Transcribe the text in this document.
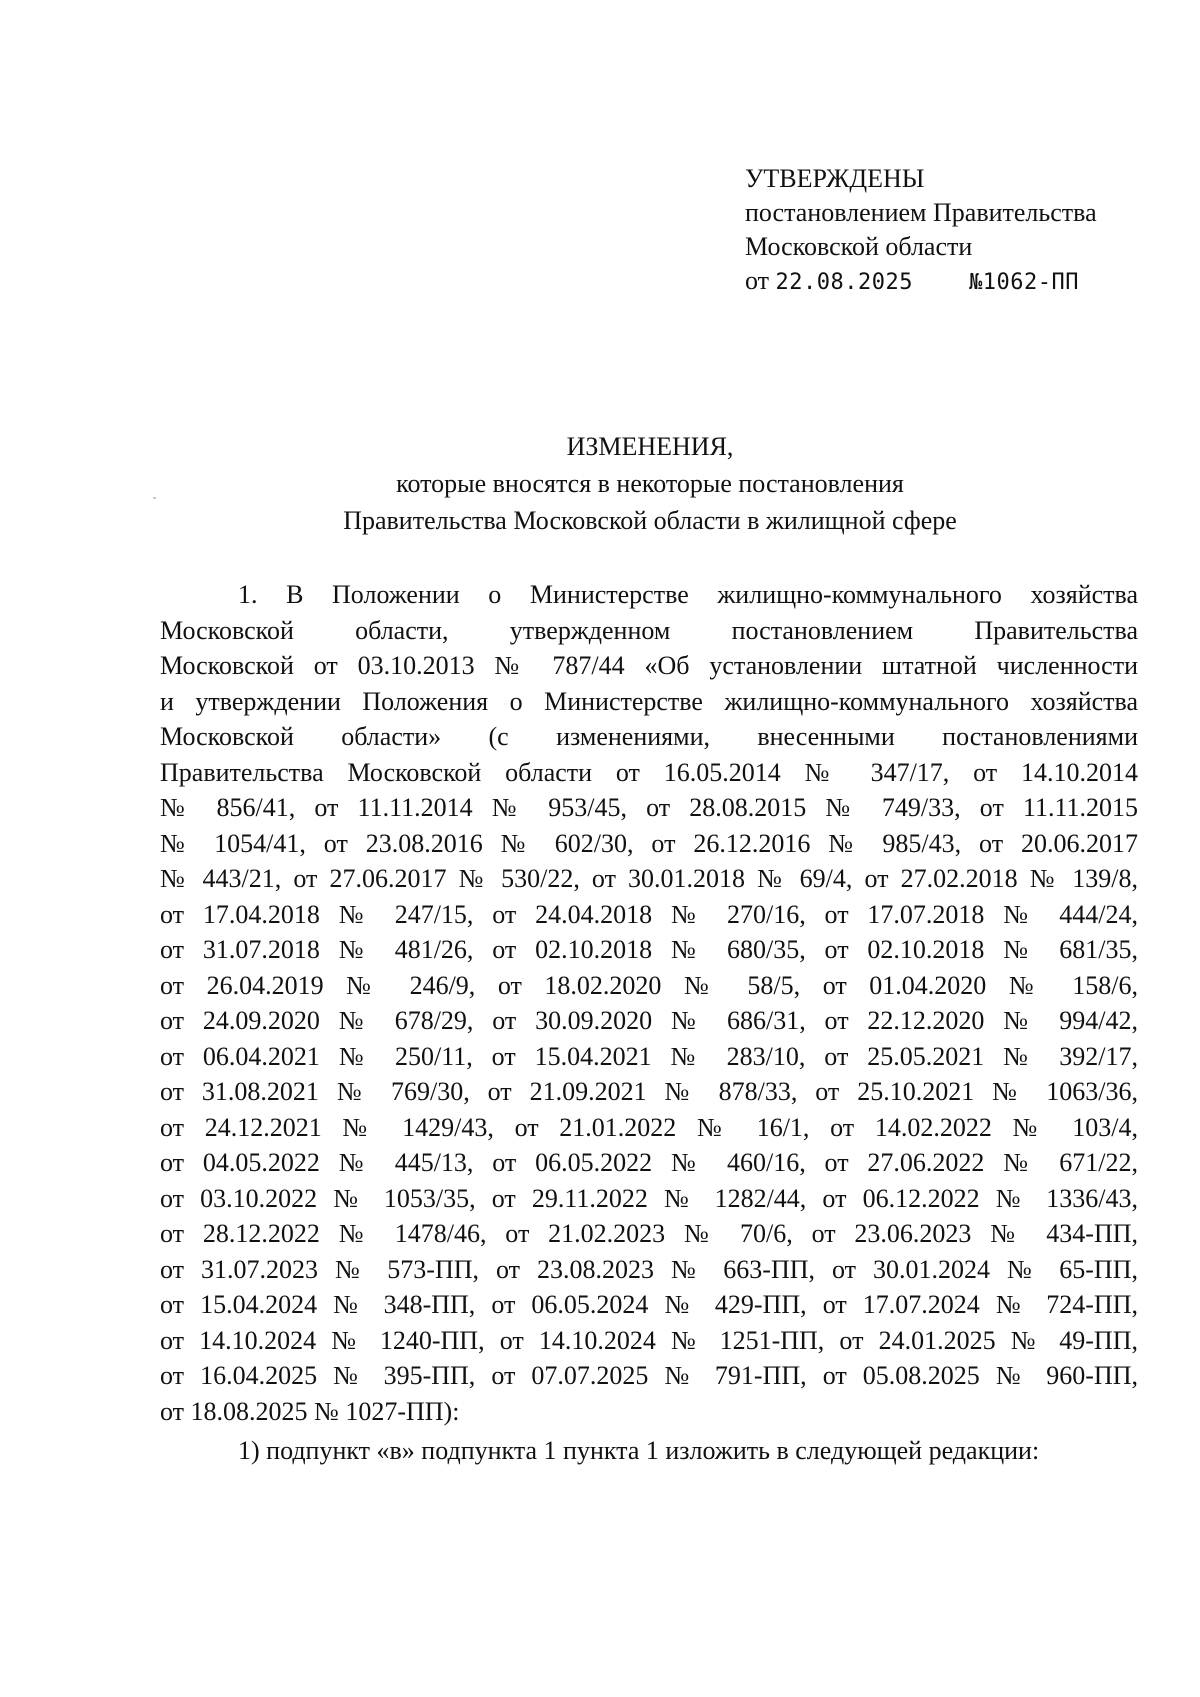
УТВЕРЖДЕНЫ
постановлением Правительства
Московской области
от 22.08.2025	№1062-ПП
ИЗМЕНЕНИЯ,
которые вносятся в некоторые постановления
Правительства Московской области в жилищной сфере
1. В Положении о Министерстве жилищно-коммунального хозяйства
Московской области, утвержденном постановлением Правительства
Московской от 03.10.2013 № 787/44 «Об установлении штатной численности
и утверждении Положения о Министерстве жилищно-коммунального хозяйства
Московской области» (с изменениями, внесенными постановлениями
Правительства Московской области от 16.05.2014 № 347/17, от 14.10.2014
№ 856/41, от 11.11.2014 № 953/45, от 28.08.2015 № 749/33, от 11.11.2015
№ 1054/41, от 23.08.2016 № 602/30, от 26.12.2016 № 985/43, от 20.06.2017
№ 443/21, от 27.06.2017 № 530/22, от 30.01.2018 № 69/4, от 27.02.2018 № 139/8,
от 17.04.2018 № 247/15, от 24.04.2018 № 270/16, от 17.07.2018 № 444/24,
от 31.07.2018 № 481/26, от 02.10.2018 № 680/35, от 02.10.2018 № 681/35,
от 26.04.2019 № 246/9, от 18.02.2020 № 58/5, от 01.04.2020 № 158/6,
от 24.09.2020 № 678/29, от 30.09.2020 № 686/31, от 22.12.2020 № 994/42,
от 06.04.2021 № 250/11, от 15.04.2021 № 283/10, от 25.05.2021 № 392/17,
от 31.08.2021 № 769/30, от 21.09.2021 № 878/33, от 25.10.2021 № 1063/36,
от 24.12.2021 № 1429/43, от 21.01.2022 № 16/1, от 14.02.2022 № 103/4,
от 04.05.2022 № 445/13, от 06.05.2022 № 460/16, от 27.06.2022 № 671/22,
от 03.10.2022 № 1053/35, от 29.11.2022 № 1282/44, от 06.12.2022 № 1336/43,
от 28.12.2022 № 1478/46, от 21.02.2023 № 70/6, от 23.06.2023 № 434-ПП,
от 31.07.2023 № 573-ПП, от 23.08.2023 № 663-ПП, от 30.01.2024 № 65-ПП,
от 15.04.2024 № 348-ПП, от 06.05.2024 № 429-ПП, от 17.07.2024 № 724-ПП,
от 14.10.2024 № 1240-ПП, от 14.10.2024 № 1251-ПП, от 24.01.2025 № 49-ПП,
от 16.04.2025 № 395-ПП, от 07.07.2025 № 791-ПП, от 05.08.2025 № 960-ПП,
от 18.08.2025 № 1027-ПП):
1) подпункт «в» подпункта 1 пункта 1 изложить в следующей редакции:
